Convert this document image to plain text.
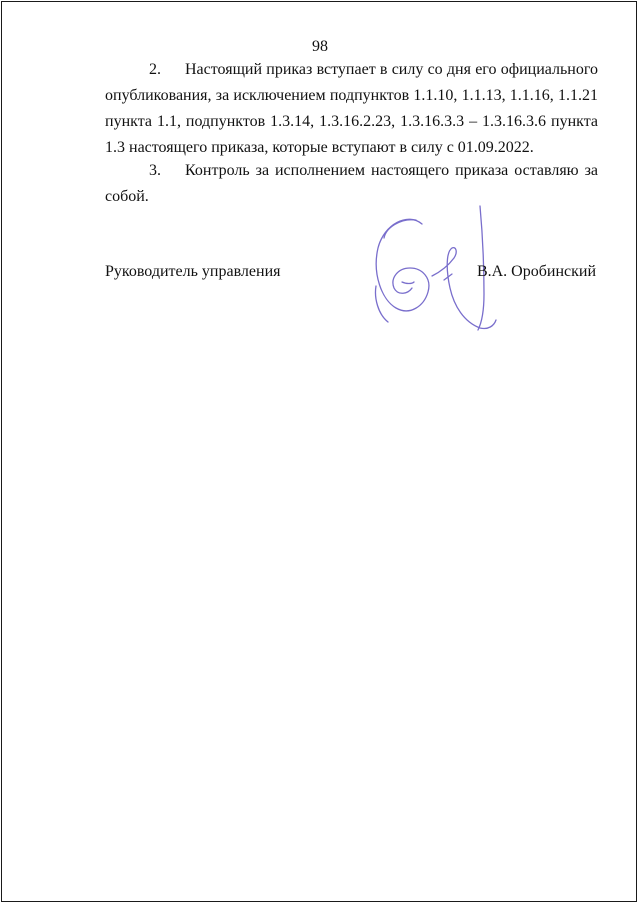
98

2. Настоящий приказ вступает в силу со дня его официального опубликования, за исключением подпунктов 1.1.10, 1.1.13, 1.1.16, 1.1.21 пункта 1.1, подпунктов 1.3.14, 1.3.16.2.23, 1.3.16.3.3 – 1.3.16.3.6 пункта 1.3 настоящего приказа, которые вступают в силу с 01.09.2022.

3. Контроль за исполнением настоящего приказа оставляю за собой.

Руководитель управления	В.А. Оробинский
